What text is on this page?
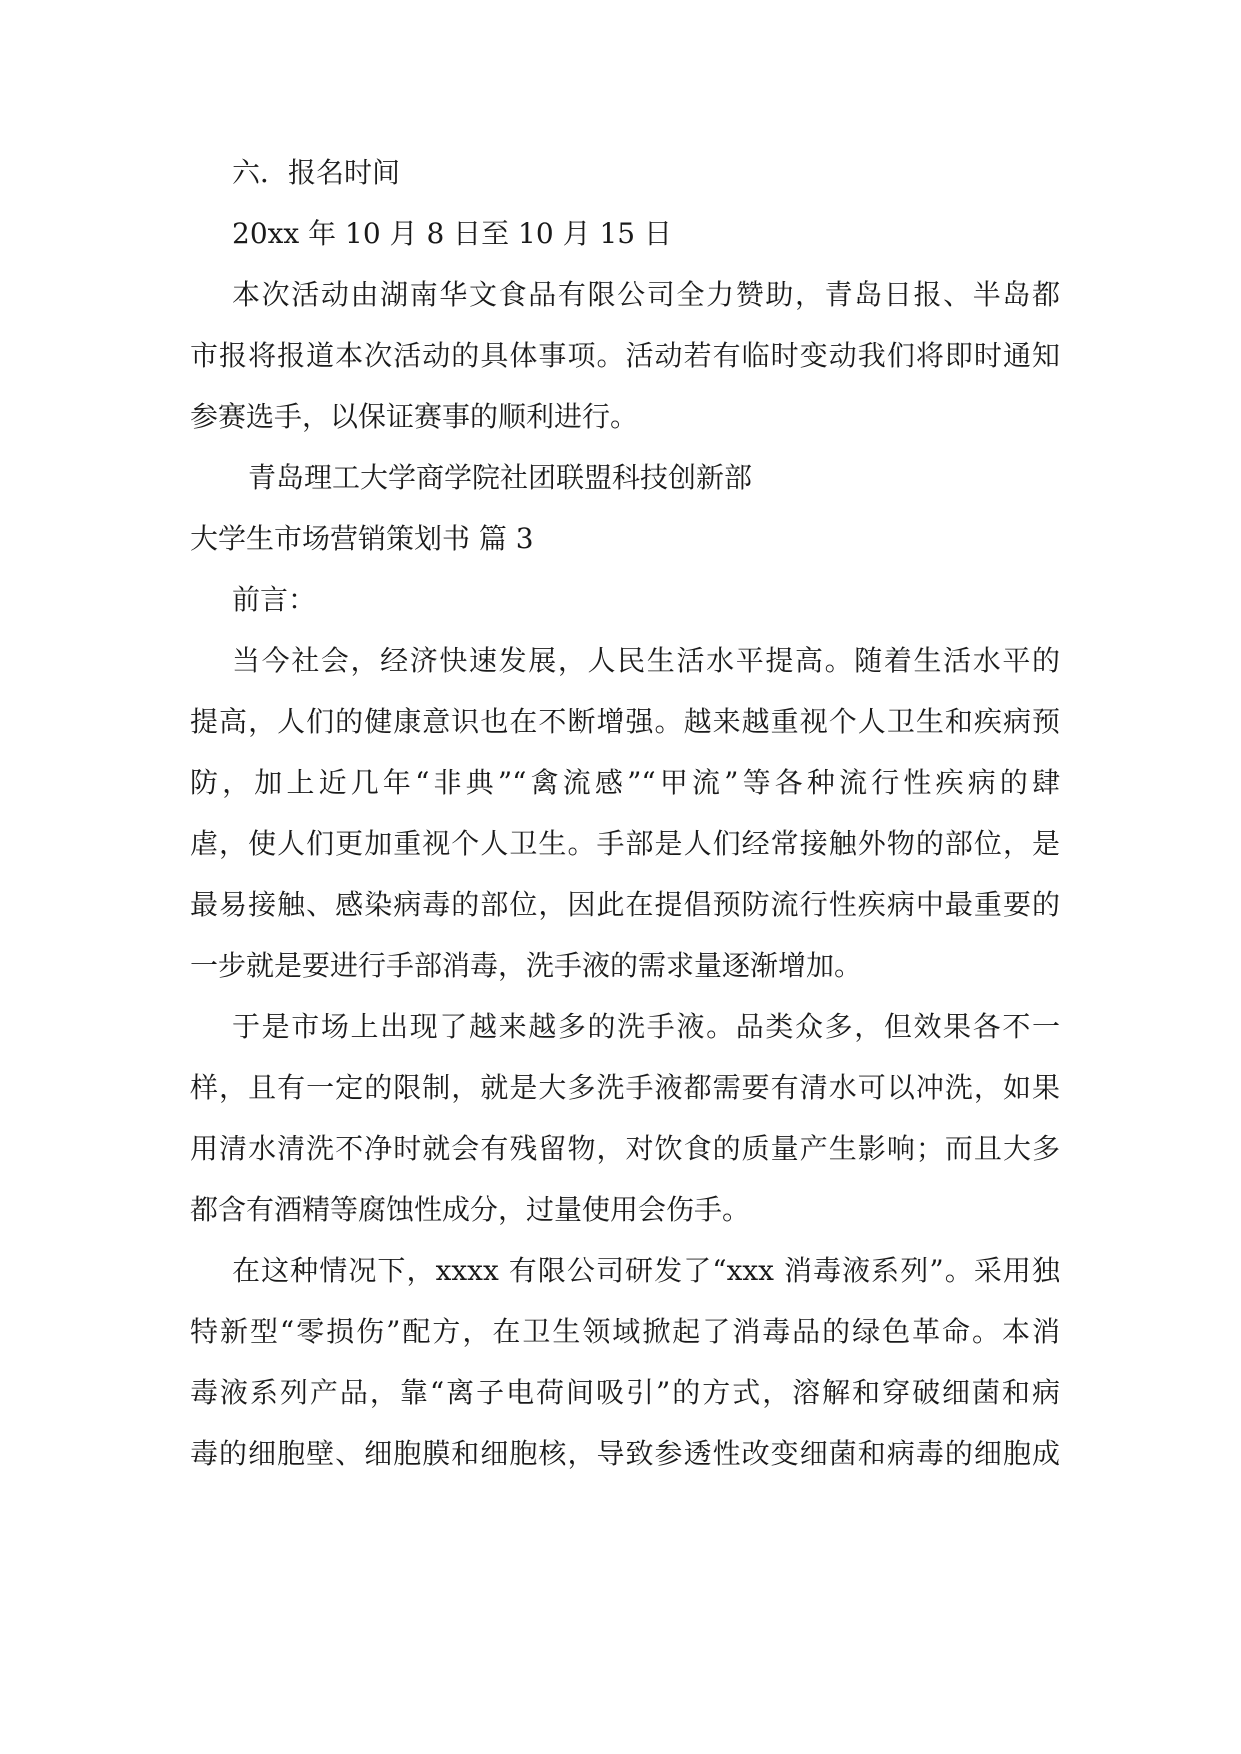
六．报名时间
20xx 年 10 月 8 日至 10 月 15 日
本次活动由湖南华文食品有限公司全力赞助，青岛日报、半岛都
市报将报道本次活动的具体事项。活动若有临时变动我们将即时通知
参赛选手，以保证赛事的顺利进行。
青岛理工大学商学院社团联盟科技创新部
大学生市场营销策划书 篇 3
前言：
当今社会，经济快速发展，人民生活水平提高。随着生活水平的
提高，人们的健康意识也在不断增强。越来越重视个人卫生和疾病预
防，加上近几年“非典”“禽流感”“甲流”等各种流行性疾病的肆
虐，使人们更加重视个人卫生。手部是人们经常接触外物的部位，是
最易接触、感染病毒的部位，因此在提倡预防流行性疾病中最重要的
一步就是要进行手部消毒，洗手液的需求量逐渐增加。
于是市场上出现了越来越多的洗手液。品类众多，但效果各不一
样，且有一定的限制，就是大多洗手液都需要有清水可以冲洗，如果
用清水清洗不净时就会有残留物，对饮食的质量产生影响；而且大多
都含有酒精等腐蚀性成分，过量使用会伤手。
在这种情况下，xxxx 有限公司研发了“xxx 消毒液系列”。采用独
特新型“零损伤”配方，在卫生领域掀起了消毒品的绿色革命。本消
毒液系列产品，靠“离子电荷间吸引”的方式，溶解和穿破细菌和病
毒的细胞壁、细胞膜和细胞核，导致参透性改变细菌和病毒的细胞成
